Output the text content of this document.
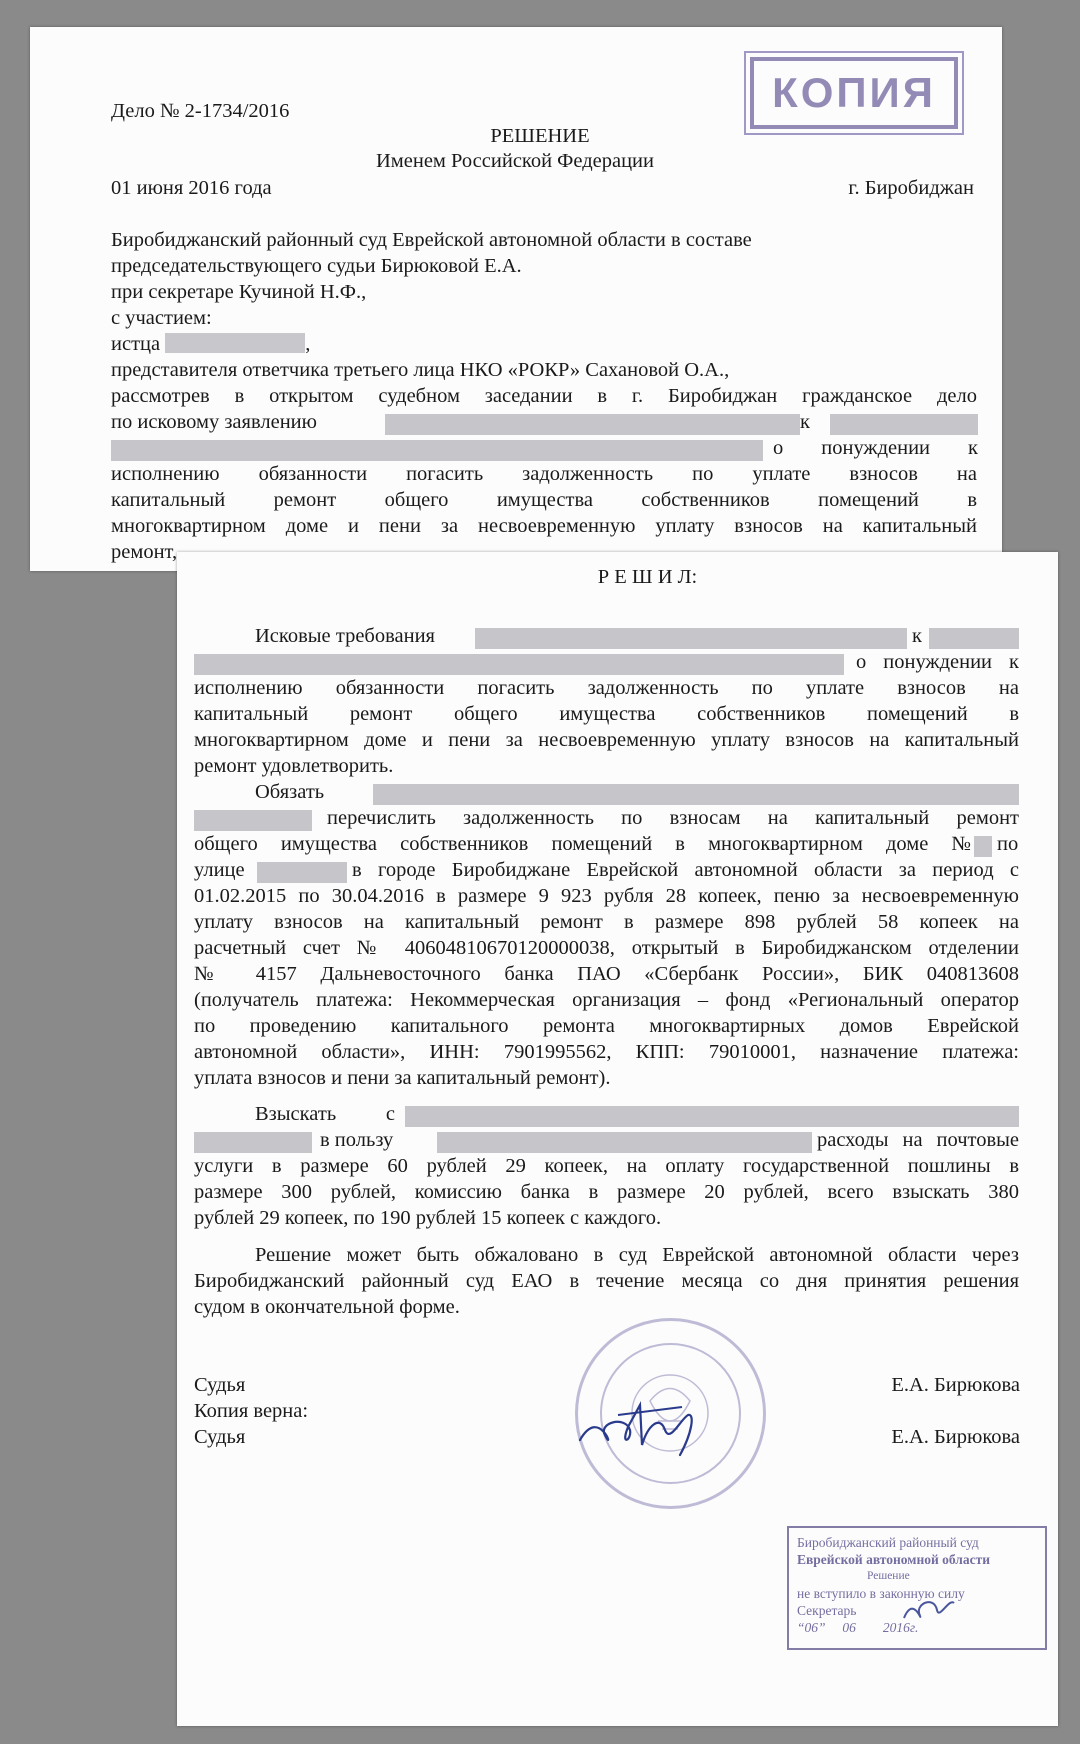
КОПИЯ
Дело № 2-1734/2016
РЕШЕНИЕ
Именем Российской Федерации
01 июня 2016 года	г. Биробиджан
Биробиджанский районный суд Еврейской автономной области в составе
председательствующего судьи Бирюковой Е.А.
при секретаре Кучиной Н.Ф.,
с участием:
истца	,
представителя ответчика третьего лица НКО «РОКР» Сахановой О.А.,
рассмотрев в открытом судебном заседании в г. Биробиджан гражданское дело
по исковому заявлению	к
о понуждении к
исполнению обязанности погасить задолженность по уплате взносов на
капитальный ремонт общего имущества собственников помещений в
многоквартирном доме и пени за несвоевременную уплату взносов на капитальный
ремонт,
Р Е Ш И Л:
Исковые требования	к
о понуждении к
исполнению обязанности погасить задолженность по уплате взносов на
капитальный ремонт общего имущества собственников помещений в
многоквартирном доме и пени за несвоевременную уплату взносов на капитальный
ремонт удовлетворить.
Обязать
перечислить задолженность по взносам на капитальный ремонт
общего имущества собственников помещений в многоквартирном доме № по
улице	в городе Биробиджане Еврейской автономной области за период с
01.02.2015 по 30.04.2016 в размере 9 923 рубля 28 копеек, пеню за несвоевременную
уплату взносов на капитальный ремонт в размере 898 рублей 58 копеек на
расчетный счет № 40604810670120000038, открытый в Биробиджанском отделении
№ 4157 Дальневосточного банка ПАО «Сбербанк России», БИК 040813608
(получатель платежа: Некоммерческая организация – фонд «Региональный оператор
по проведению капитального ремонта многоквартирных домов Еврейской
автономной области», ИНН: 7901995562, КПП: 79010001, назначение платежа:
уплата взносов и пени за капитальный ремонт).
Взыскать с
в пользу	расходы на почтовые
услуги в размере 60 рублей 29 копеек, на оплату государственной пошлины в
размере 300 рублей, комиссию банка в размере 20 рублей, всего взыскать 380
рублей 29 копеек, по 190 рублей 15 копеек с каждого.
Решение может быть обжаловано в суд Еврейской автономной области через
Биробиджанский районный суд ЕАО в течение месяца со дня принятия решения
судом в окончательной форме.
Судья	Е.А. Бирюкова
Копия верна:
Судья	Е.А. Бирюкова
Биробиджанский районный суд
Еврейской автономной области
Решение
не вступило в законную силу
Секретарь
“06”     06        2016г.
